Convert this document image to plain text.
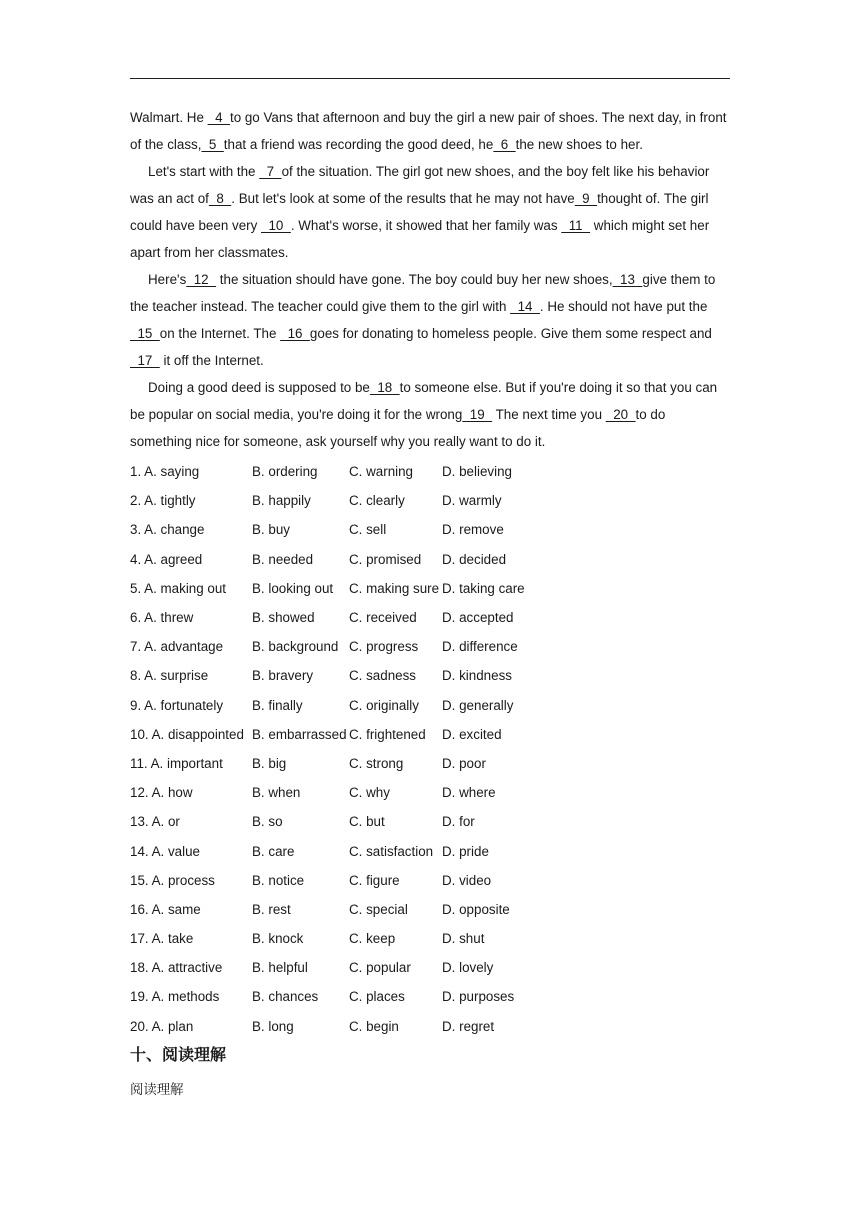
Walmart. He   4  to go Vans that afternoon and buy the girl a new pair of shoes. The next day, in front of the class,  5  that a friend was recording the good deed, he  6  the new shoes to her.

Let's start with the   7  of the situation. The girl got new shoes, and the boy felt like his behavior was an act of  8  . But let's look at some of the results that he may not have  9  thought of. The girl could have been very   10  . What's worse, it showed that her family was   11   which might set her apart from her classmates.

Here's  12   the situation should have gone. The boy could buy her new shoes,  13  give them to the teacher instead. The teacher could give them to the girl with   14  . He should not have put the  15  on the Internet. The   16  goes for donating to homeless people. Give them some respect and   17   it off the Internet.

Doing a good deed is supposed to be  18  to someone else. But if you're doing it so that you can be popular on social media, you're doing it for the wrong  19   The next time you   20  to do something nice for someone, ask yourself why you really want to do it.

1. A. saying	B. ordering	C. warning	D. believing
2. A. tightly	B. happily	C. clearly	D. warmly
3. A. change	B. buy	C. sell	D. remove
4. A. agreed	B. needed	C. promised	D. decided
5. A. making out	B. looking out	C. making sure D. taking care
6. A. threw	B. showed	C. received	D. accepted
7. A. advantage	B. background C. progress	D. difference
8. A. surprise	B. bravery	C. sadness	D. kindness
9. A. fortunately	B. finally	C. originally	D. generally
10. A. disappointed B. embarrassed C. frightened	D. excited
11. A. important	B. big	C. strong	D. poor
12. A. how	B. when	C. why	D. where
13. A. or	B. so	C. but	D. for
14. A. value	B. care	C. satisfaction D. pride
15. A. process	B. notice	C. figure	D. video
16. A. same	B. rest	C. special	D. opposite
17. A. take	B. knock	C. keep	D. shut
18. A. attractive	B. helpful	C. popular	D. lovely
19. A. methods	B. chances	C. places	D. purposes
20. A. plan	B. long	C. begin	D. regret
十、阅读理解
阅读理解
